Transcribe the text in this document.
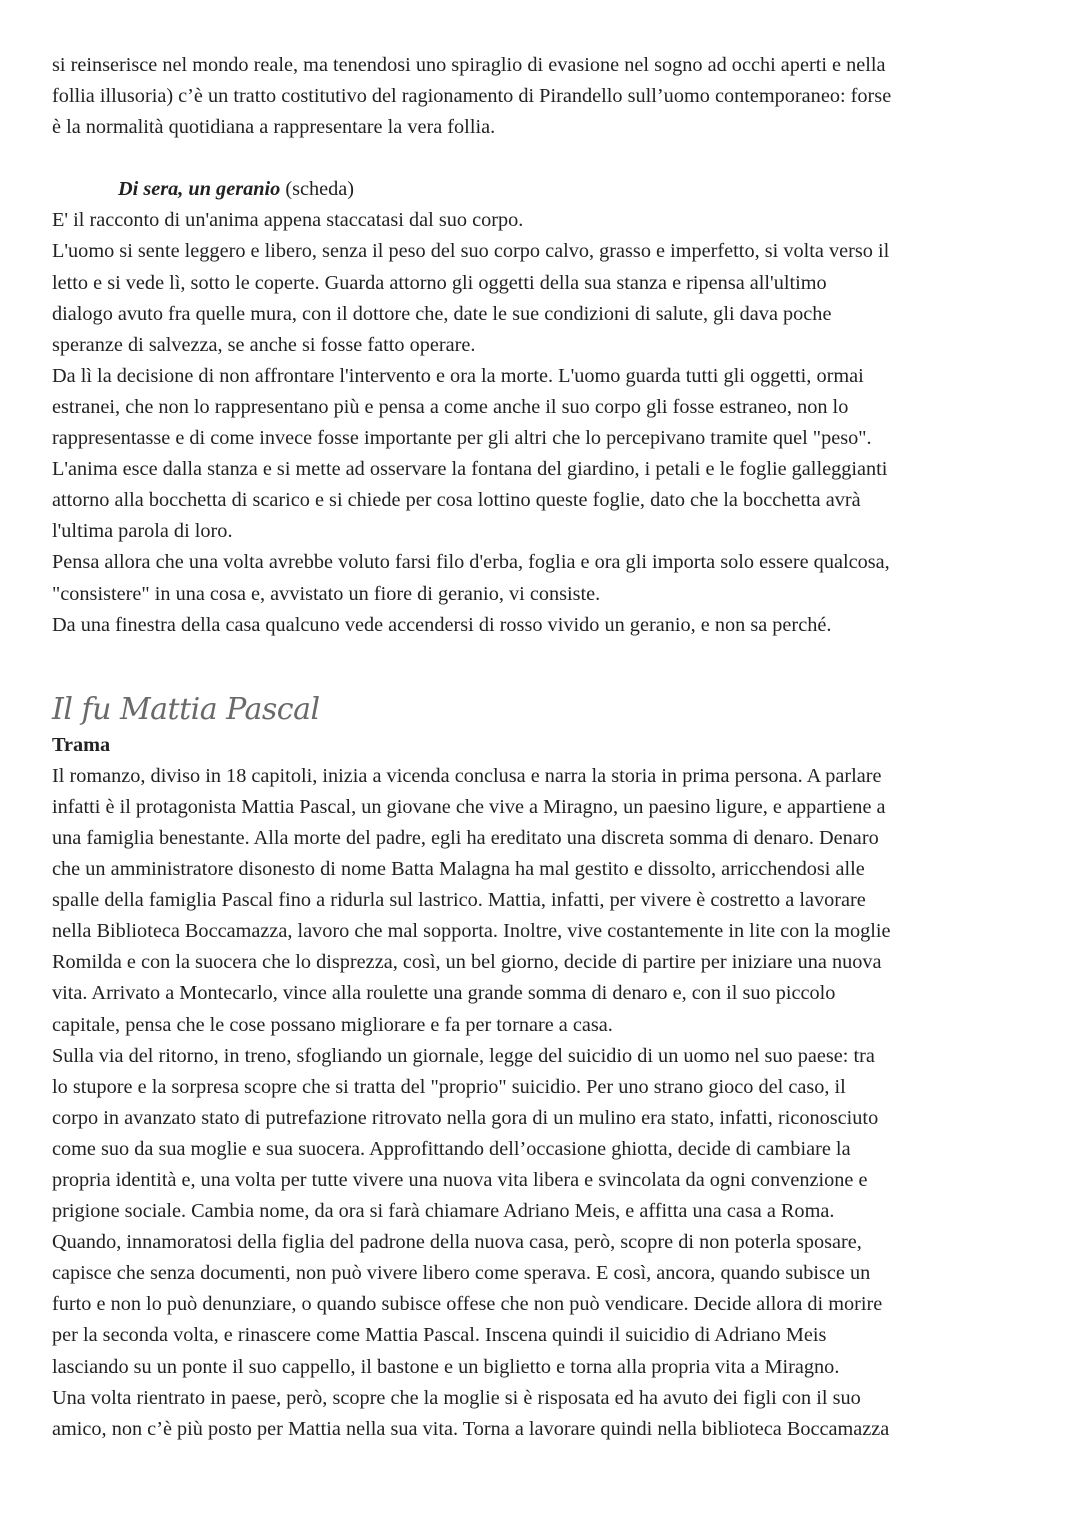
si reinserisce nel mondo reale, ma tenendosi uno spiraglio di evasione nel sogno ad occhi aperti e nella

follia illusoria) c’è un tratto costitutivo del ragionamento di Pirandello sull’uomo contemporaneo: forse

è la normalità quotidiana a rappresentare la vera follia.

Di sera, un geranio (scheda)

E' il racconto di un'anima appena staccatasi dal suo corpo.

L'uomo si sente leggero e libero, senza il peso del suo corpo calvo, grasso e imperfetto, si volta verso il

letto e si vede lì, sotto le coperte. Guarda attorno gli oggetti della sua stanza e ripensa all'ultimo

dialogo avuto fra quelle mura, con il dottore che, date le sue condizioni di salute, gli dava poche

speranze di salvezza, se anche si fosse fatto operare.

Da lì la decisione di non affrontare l'intervento e ora la morte. L'uomo guarda tutti gli oggetti, ormai

estranei, che non lo rappresentano più e pensa a come anche il suo corpo gli fosse estraneo, non lo

rappresentasse e di come invece fosse importante per gli altri che lo percepivano tramite quel "peso".

L'anima esce dalla stanza e si mette ad osservare la fontana del giardino, i petali e le foglie galleggianti

attorno alla bocchetta di scarico e si chiede per cosa lottino queste foglie, dato che la bocchetta avrà

l'ultima parola di loro.

Pensa allora che una volta avrebbe voluto farsi filo d'erba, foglia e ora gli importa solo essere qualcosa,

"consistere" in una cosa e, avvistato un fiore di geranio, vi consiste.

Da una finestra della casa qualcuno vede accendersi di rosso vivido un geranio, e non sa perché.

Il fu Mattia Pascal

Trama

Il romanzo, diviso in 18 capitoli, inizia a vicenda conclusa e narra la storia in prima persona. A parlare

infatti è il protagonista Mattia Pascal, un giovane che vive a Miragno, un paesino ligure, e appartiene a

una famiglia benestante. Alla morte del padre, egli ha ereditato una discreta somma di denaro. Denaro

che un amministratore disonesto di nome Batta Malagna ha mal gestito e dissolto, arricchendosi alle

spalle della famiglia Pascal fino a ridurla sul lastrico. Mattia, infatti, per vivere è costretto a lavorare

nella Biblioteca Boccamazza, lavoro che mal sopporta. Inoltre, vive costantemente in lite con la moglie

Romilda e con la suocera che lo disprezza, così, un bel giorno, decide di partire per iniziare una nuova

vita. Arrivato a Montecarlo, vince alla roulette una grande somma di denaro e, con il suo piccolo

capitale, pensa che le cose possano migliorare e fa per tornare a casa.

Sulla via del ritorno, in treno, sfogliando un giornale, legge del suicidio di un uomo nel suo paese: tra

lo stupore e la sorpresa scopre che si tratta del "proprio" suicidio. Per uno strano gioco del caso, il

corpo in avanzato stato di putrefazione ritrovato nella gora di un mulino era stato, infatti, riconosciuto

come suo da sua moglie e sua suocera. Approfittando dell’occasione ghiotta, decide di cambiare la

propria identità e, una volta per tutte vivere una nuova vita libera e svincolata da ogni convenzione e

prigione sociale. Cambia nome, da ora si farà chiamare Adriano Meis, e affitta una casa a Roma.

Quando, innamoratosi della figlia del padrone della nuova casa, però, scopre di non poterla sposare,

capisce che senza documenti, non può vivere libero come sperava. E così, ancora, quando subisce un

furto e non lo può denunziare, o quando subisce offese che non può vendicare. Decide allora di morire

per la seconda volta, e rinascere come Mattia Pascal. Inscena quindi il suicidio di Adriano Meis

lasciando su un ponte il suo cappello, il bastone e un biglietto e torna alla propria vita a Miragno.

Una volta rientrato in paese, però, scopre che la moglie si è risposata ed ha avuto dei figli con il suo

amico, non c’è più posto per Mattia nella sua vita. Torna a lavorare quindi nella biblioteca Boccamazza
